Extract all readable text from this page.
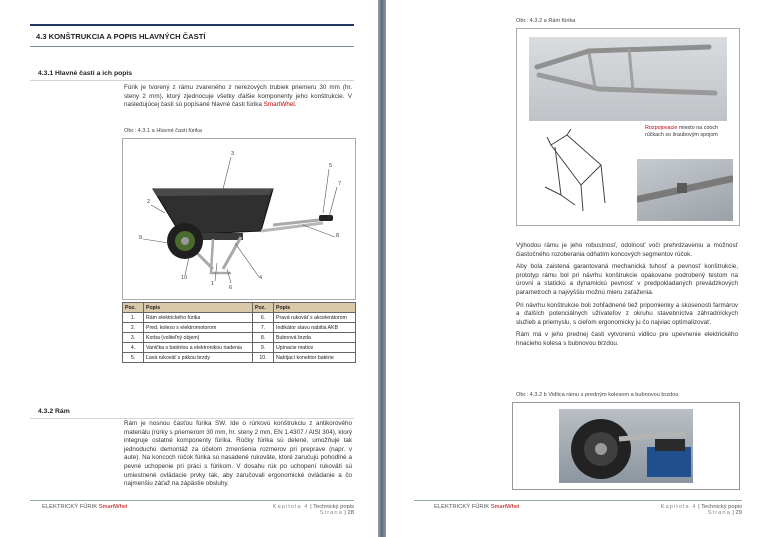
4.3 KONŠTRUKCIA A POPIS HLAVNÝCH ČASTÍ
4.3.1 Hlavné časti a ich popis

Fúrik je tvorený z rámu zvareného z nerezových trubiek priemeru 30 mm (hr. steny 2 mm), ktorý zjednocuje všetky ďalšie komponenty jeho konštrukcie. V nasledujúcej časti sú popísané hlavné časti fúrika SmartWhel.

Obr.: 4.3.1 a Hlavné časti fúrika
3
2
9
5
7
8
10	4
1
6
Poz.	Popis	Poz.	Popis
1.	Rám elektrického fúrika	6.	Pravá rukoväť s akcelerátorom
2.	Pred. koleso s elektromotorom	7.	Indikátor stavu nabitia AKB
3.	Korba (voliteľný objem)	8.	Bubnová brzda
4.	Vanička s batériou a elektronikou riadenia	9.	Upínacie matice
5.	Ľavá rukoväť s pákou brzdy	10.	Nabíjací konektor batérie
4.3.2 Rám
Rám je nosnou časťou fúrika SW. Ide o rúrkovú konštrukciu z antikorového materiálu (rúrky s priemerom 30 mm, hr. steny 2 mm, EN 1.4307 / AISI 304), ktorý integruje ostatné komponenty fúrika. Rúčky fúrika sú delené, umožňuje tak jednoduchú demontáž za účelom zmenšenia rozmerov pri preprave (napr. v aute). Na koncoch rúčok fúrika sú nasadené rukoväte, ktoré zaručujú pohodlné a pevné uchopenie pri práci s fúrikom. V dosahu rúk po uchopení rukovätí sú umiestnené ovládacie prvky tak, aby zaručovali ergonomické ovládanie a čo najmenšiu záťaž na zápästie obsluhy.
ELEKTRICKÝ FÚRIK SmartWhel	Kapitola 4 | Technický popis
Strana | 28
Obr.: 4.3.2 a Rám fúrika
Rozpojovacie miesto na cooch rúčkach so šraubovým spojom

Výhodou rámu je jeho robustnosť, odolnosť voči prehrdzaveniu a možnosť čiastočného rozoberania odňatím koncových segmentov rúčok.

Aby bola zaistená garantovaná mechanická tuhosť a pevnosť konštrukcie, prototyp rámu bol pri návrhu konštrukcie opakovane podrobený testom na úrovni a statickú a dynamickú pevnosť v predpokladaných prevádzkových parametroch a najvyššiu možnú mieru zaťaženia.

Pri návrhu konštrukcie boli zohľadnené tiež pripomienky a skúsenosti farmárov a ďalších potenciálnych užívateľov z okruhu stavebníctva záhradníckych služieb a priemyslu, s cieľom ergonomicky ju čo najviac optimalizovať.

Rám má v jeho prednej časti vytvorenú vidlicu pre upevnenie elektrického hnacieho kolesa s bubnovou brzdou.

Obr.: 4.3.2 b Vidlica rámu s predným kolesom a bubnovou brzdou
ELEKTRICKÝ FÚRIK SmartWhel	Kapitola 4 | Technický popis
Strana | 29
